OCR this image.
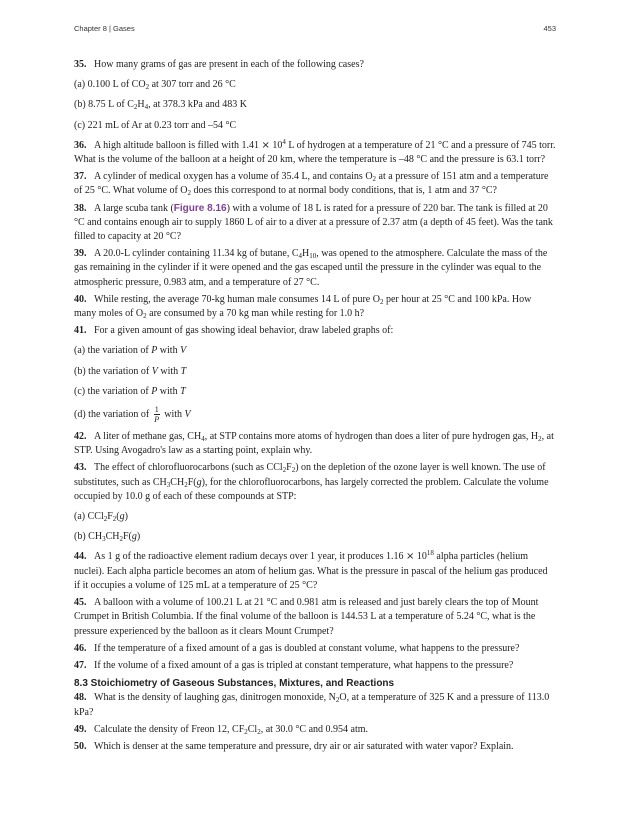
Chapter 8 | Gases	453

35. How many grams of gas are present in each of the following cases?

(a) 0.100 L of $CO_2$ at 307 torr and 26 °C

(b) 8.75 L of $C_2H_4$, at 378.3 kPa and 483 K

(c) 221 mL of Ar at 0.23 torr and –54 °C

36. A high altitude balloon is filled with $1.41 \times 10^4$ L of hydrogen at a temperature of 21 °C and a pressure of 745 torr. What is the volume of the balloon at a height of 20 km, where the temperature is –48 °C and the pressure is 63.1 torr?

37. A cylinder of medical oxygen has a volume of 35.4 L, and contains $O_2$ at a pressure of 151 atm and a temperature of 25 °C. What volume of $O_2$ does this correspond to at normal body conditions, that is, 1 atm and 37 °C?

38. A large scuba tank (Figure 8.16) with a volume of 18 L is rated for a pressure of 220 bar. The tank is filled at 20 °C and contains enough air to supply 1860 L of air to a diver at a pressure of 2.37 atm (a depth of 45 feet). Was the tank filled to capacity at 20 °C?

39. A 20.0-L cylinder containing 11.34 kg of butane, $C_4H_{10}$, was opened to the atmosphere. Calculate the mass of the gas remaining in the cylinder if it were opened and the gas escaped until the pressure in the cylinder was equal to the atmospheric pressure, 0.983 atm, and a temperature of 27 °C.

40. While resting, the average 70-kg human male consumes 14 L of pure $O_2$ per hour at 25 °C and 100 kPa. How many moles of $O_2$ are consumed by a 70 kg man while resting for 1.0 h?

41. For a given amount of gas showing ideal behavior, draw labeled graphs of:

(a) the variation of P with V

(b) the variation of V with T

(c) the variation of P with T

(d) the variation of $\frac{1}{P}$ with V

42. A liter of methane gas, $CH_4$, at STP contains more atoms of hydrogen than does a liter of pure hydrogen gas, $H_2$, at STP. Using Avogadro's law as a starting point, explain why.

43. The effect of chlorofluorocarbons (such as $CCl_2F_2$) on the depletion of the ozone layer is well known. The use of substitutes, such as $CH_3CH_2F(g)$, for the chlorofluorocarbons, has largely corrected the problem. Calculate the volume occupied by 10.0 g of each of these compounds at STP:

(a) $CCl_2F_2(g)$

(b) $CH_3CH_2F(g)$

44. As 1 g of the radioactive element radium decays over 1 year, it produces $1.16 \times 10^{18}$ alpha particles (helium nuclei). Each alpha particle becomes an atom of helium gas. What is the pressure in pascal of the helium gas produced if it occupies a volume of 125 mL at a temperature of 25 °C?

45. A balloon with a volume of 100.21 L at 21 °C and 0.981 atm is released and just barely clears the top of Mount Crumpet in British Columbia. If the final volume of the balloon is 144.53 L at a temperature of 5.24 °C, what is the pressure experienced by the balloon as it clears Mount Crumpet?

46. If the temperature of a fixed amount of a gas is doubled at constant volume, what happens to the pressure?

47. If the volume of a fixed amount of a gas is tripled at constant temperature, what happens to the pressure?

8.3 Stoichiometry of Gaseous Substances, Mixtures, and Reactions

48. What is the density of laughing gas, dinitrogen monoxide, $N_2O$, at a temperature of 325 K and a pressure of 113.0 kPa?

49. Calculate the density of Freon 12, $CF_2Cl_2$, at 30.0 °C and 0.954 atm.

50. Which is denser at the same temperature and pressure, dry air or air saturated with water vapor? Explain.
